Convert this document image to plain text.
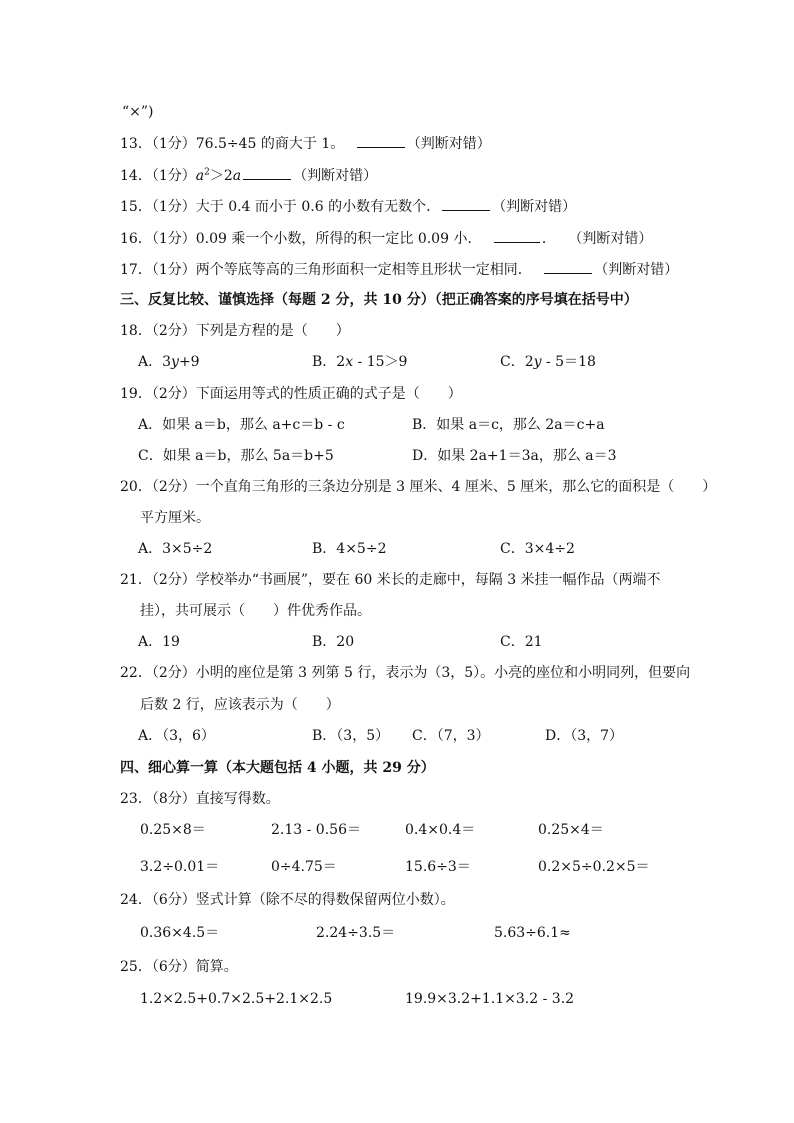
“×”)
13．（1分）76.5÷45 的商大于 1。	（判断对错）
14．（1分）$a^2>2a$	（判断对错）
15．（1分）大于 0.4 而小于 0.6 的小数有无数个．	（判断对错）
16．（1分）0.09 乘一个小数，所得的积一定比 0.09 小．	． （判断对错）
17．（1分）两个等底等高的三角形面积一定相等且形状一定相同．	（判断对错）
三、反复比较、谨慎选择（每题 2 分，共 10 分）（把正确答案的序号填在括号中）
18．（2分）下列是方程的是（　　）
A．3y+9	B．2x - 15＞9	C．2y - 5＝18
19．（2分）下面运用等式的性质正确的式子是（　　）
A．如果 a＝b，那么 a+c＝b - c	B．如果 a＝c，那么 2a＝c+a
C．如果 a＝b，那么 5a＝b+5	D．如果 2a+1＝3a，那么 a＝3
20．（2分）一个直角三角形的三条边分别是 3 厘米、4 厘米、5 厘米，那么它的面积是（　　）
平方厘米。
A．3×5÷2	B．4×5÷2	C．3×4÷2
21．（2分）学校举办“书画展”，要在 60 米长的走廊中，每隔 3 米挂一幅作品（两端不
挂），共可展示（　　）件优秀作品。
A．19	B．20	C．21
22．（2分）小明的座位是第 3 列第 5 行，表示为（3，5）。小亮的座位和小明同列，但要向
后数 2 行，应该表示为（　　）
A．（3，6）	B．（3，5） C．（7，3）	D．（3，7）
四、细心算一算（本大题包括 4 小题，共 29 分）
23．（8分）直接写得数。
0.25×8＝	2.13 - 0.56＝	0.4×0.4＝	0.25×4＝
3.2÷0.01＝	0÷4.75＝	15.6÷3＝	0.2×5÷0.2×5＝
24．（6分）竖式计算（除不尽的得数保留两位小数）。
0.36×4.5＝	2.24÷3.5＝	5.63÷6.1≈
25．（6分）简算。
1.2×2.5+0.7×2.5+2.1×2.5	19.9×3.2+1.1×3.2 - 3.2
